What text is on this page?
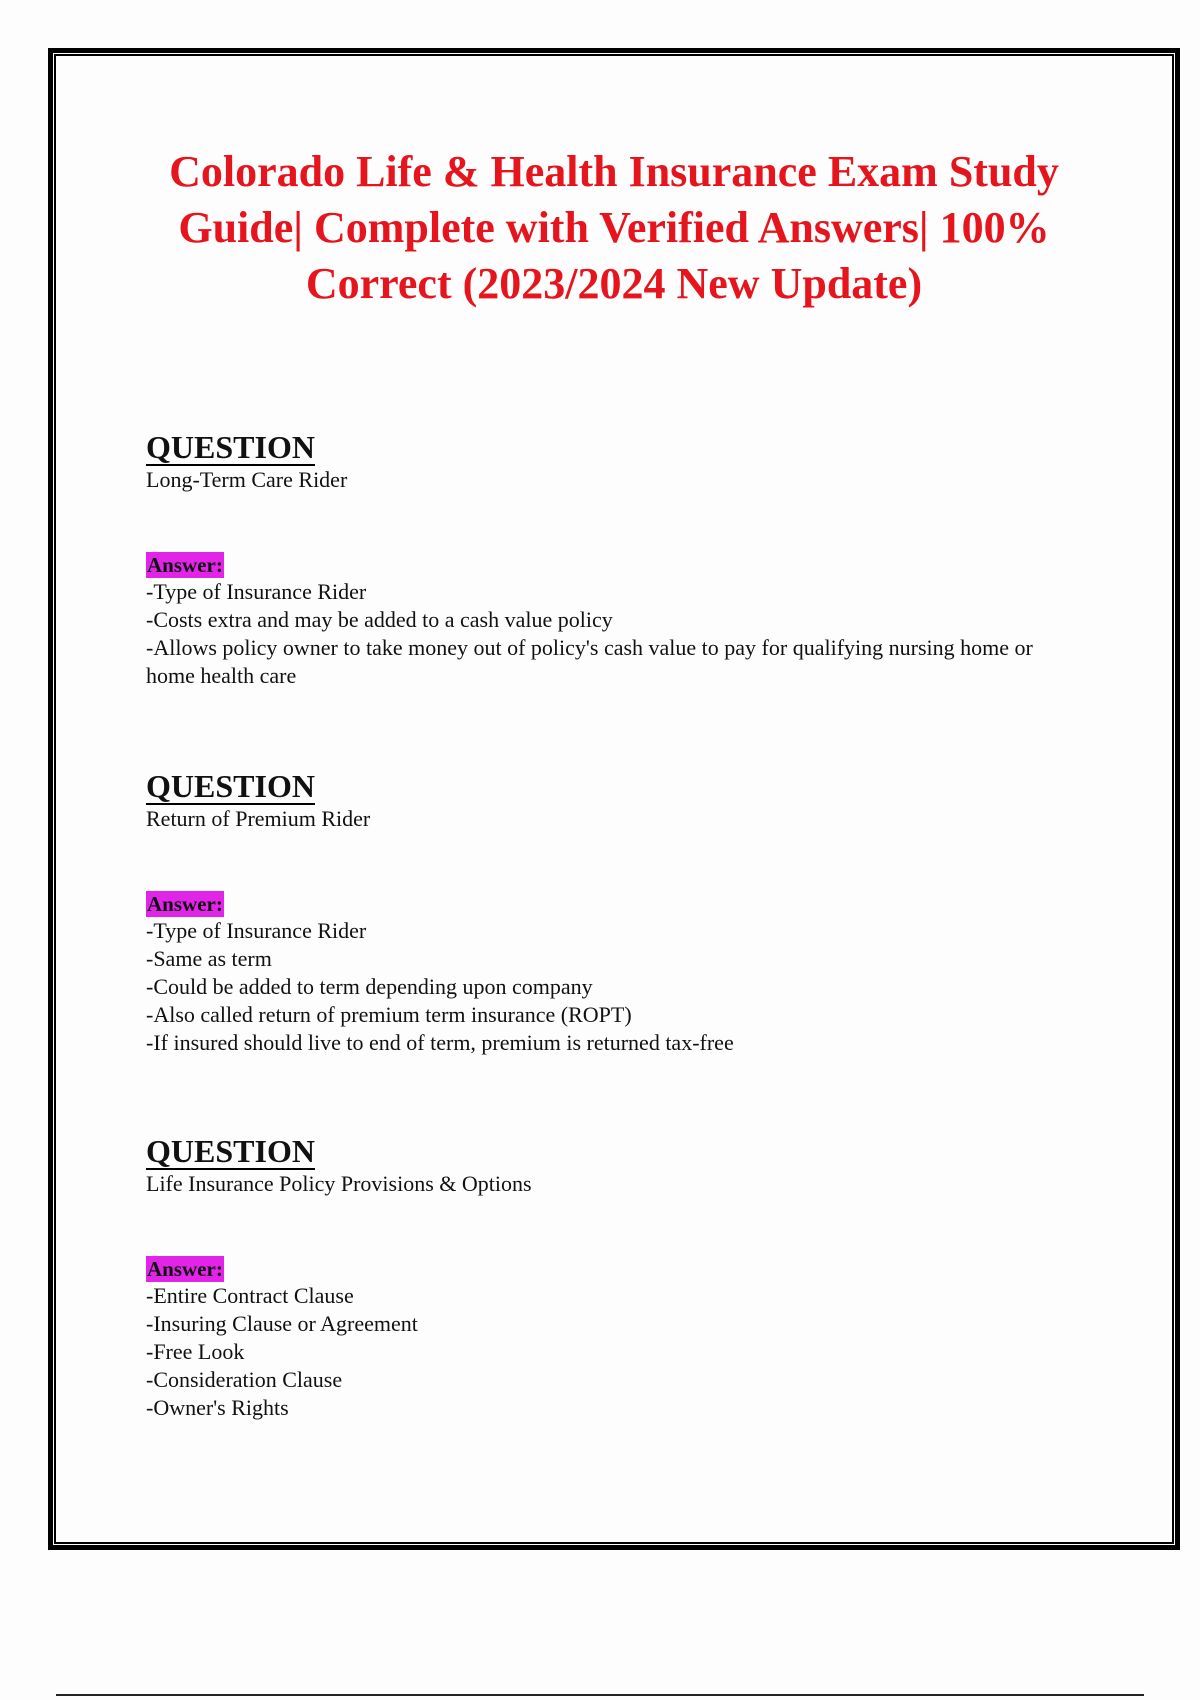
Colorado Life & Health Insurance Exam Study Guide| Complete with Verified Answers| 100% Correct (2023/2024 New Update)
QUESTION

Long-Term Care Rider

Answer:

-Type of Insurance Rider

-Costs extra and may be added to a cash value policy

-Allows policy owner to take money out of policy's cash value to pay for qualifying nursing home or home health care

QUESTION

Return of Premium Rider

Answer:

-Type of Insurance Rider

-Same as term

-Could be added to term depending upon company

-Also called return of premium term insurance (ROPT)

-If insured should live to end of term, premium is returned tax-free

QUESTION

Life Insurance Policy Provisions & Options

Answer:

-Entire Contract Clause

-Insuring Clause or Agreement

-Free Look

-Consideration Clause

-Owner's Rights
